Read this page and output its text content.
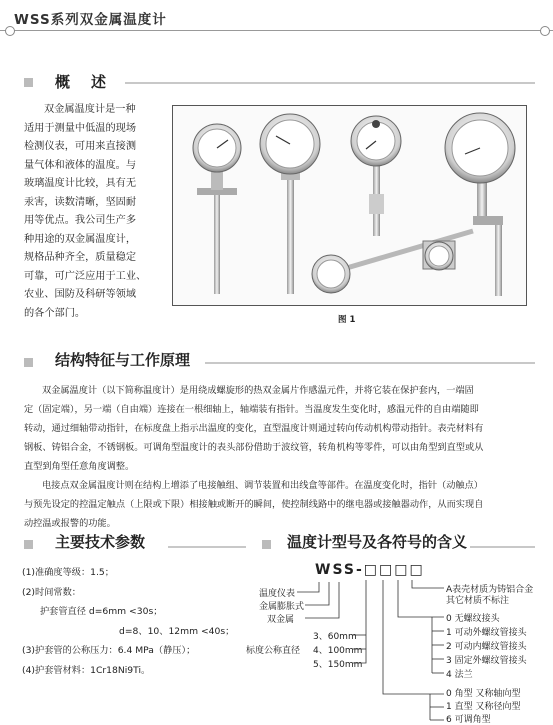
WSS系列双金属温度计
概　述
双金属温度计是一种
适用于测量中低温的现场
检测仪表，可用来直接测
量气体和液体的温度。与
玻璃温度计比较，具有无
汞害，读数清晰，坚固耐
用等优点。我公司生产多
种用途的双金属温度计，
规格品种齐全，质量稳定
可靠，可广泛应用于工业、
农业、国防及科研等领域
的各个部门。
图 1
结构特征与工作原理
双金属温度计（以下简称温度计）是用绕成螺旋形的热双金属片作感温元件，并将它装在保护套内，一端固
定（固定端），另一端（自由端）连接在一根细轴上，轴端装有指针。当温度发生变化时，感温元件的自由端随即
转动，通过细轴带动指针，在标度盘上指示出温度的变化，直型温度计则通过转向传动机构带动指针。表壳材料有
钢板、铸铝合金，不锈钢板。可调角型温度计的表头部份借助于波纹管，转角机构等零件，可以由角型到直型或从
直型到角型任意角度调整。
电接点双金属温度计则在结构上增添了电接触组、调节装置和出线盒等部件。在温度变化时，指针（动触点）
与预先设定的控温定触点（上限或下限）相接触或断开的瞬间，使控制线路中的继电器或接触器动作，从而实现自
动控温或报警的功能。
主要技术参数
(1)准确度等级：1.5；
(2)时间常数：
护套管直径 d=6mm <30s；
d=8、10、12mm <40s；
(3)护套管的公称压力：6.4 MPa（静压）；
(4)护套管材料：1Cr18Ni9Ti。
温度计型号及各符号的含义
WSS-□□□□
温度仪表
金属膨胀式
双金属
标度公称直径
3、60mm
4、100mm
5、150mm
A表壳材质为铸铝合金
其它材质不标注
0 无螺纹接头
1 可动外螺纹管接头
2 可动内螺纹管接头
3 固定外螺纹管接头
4 法兰
0 角型 又称轴向型
1 直型 又称径向型
6 可调角型
